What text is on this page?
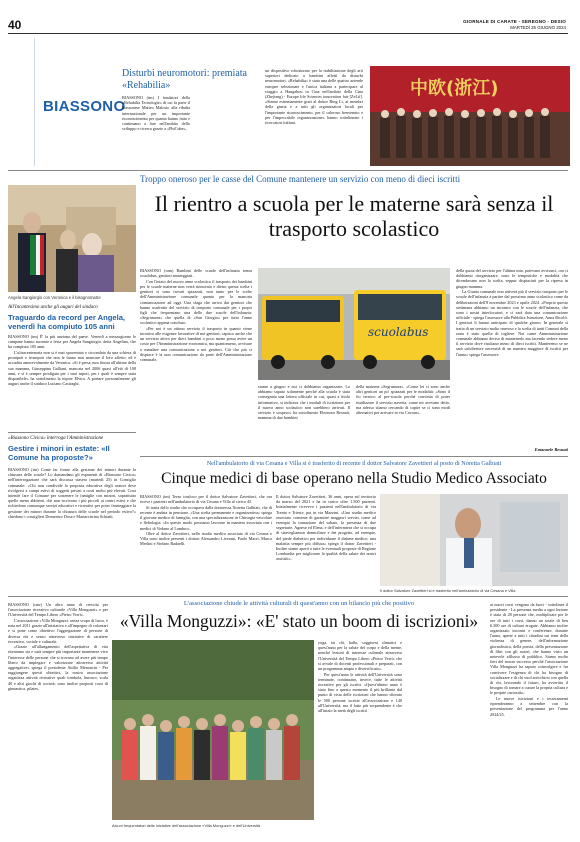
40	GIORNALE DI CARATE - SEREGNO - DESIO
MARTEDÌ 25 GIUGNO 2024
BIASSONO
Disturbi neuromotori: premiata «Rehabilia»

BIASSONO (tm) I fondatori della «Rehabilia Tecnologie» di cui fa parte il biassonese Matteo Malosio alla ribalta internazionale per un importante riconoscimento per quanto hanno fatto e continuano a fare nell'ambito dello sviluppo e ricerca grazie a «PhiCube»,

un dispositivo robotizzato per la riabilitazione degli arti superiori dedicato a bambini affetti da disturbi neuromotori. «Rehabilia» è stata una delle quattro aziende europee selezionate e l'unica italiana a partecipare al viaggio a Hangzhou in Cina nell'ambito della Cina (Zhejiang) - Europe life Sciences innovation fair [ZeLif]. «Siamo estremamente grati al dottor Bing Li, ai membri della giuria e a tutti gli organizzatori locali per l'importante riconoscimento, per il caloroso benvenuto e per l'impeccabile organizzazione» hanno sottolineato i ricercatori italiani.

中欧(浙江)
Troppo oneroso per le casse del Comune mantenere un servizio con meno di dieci iscritti
Il rientro a scuola per le materne sarà senza il trasporto scolastico
Angela Sangiorgio con Veronica e il bisognomatre
All'Incantesimo anche gli auguri del sindaco
Traguardo da record per Angela, venerdì ha compiuto 105 anni

BIASSONO (tm) È' la più anziana del paese. Venerdì a mezzogiorno le campane hanno suonato a festa per Angela Sangiorgio, detta Angelina, che ha compiuto 105 anni.

L'ultracentenaria non si è mai spaventata e circondata da una schiera di pronipoti e trisnipoti che non le fanno mai mancare il loro affetto, ed è accudita amorevolmente da Veronica. «Si è presa cura finora all'ultimo della sua mamma, Giuseppina Galliani, mancata nel 2006 quasi all'età di 108 anni, e si è sempre prodigata per i suoi nipoti, per i quali è sempre stata disponibile» ha sottolineato la nipote Elvira. A portare personalmente gli auguri anche il sindaco Luciano Casiraghi.

«Biassono Civica» interroga l'Amministrazione
Gestire i minori in estate: «Il Comune ha proposte?»

BIASSONO (tm) Come far fronte alla gestione dei minori durante la chiusura delle scuole? Lo domandano gli esponenti di «Biassono Civica» nell'interrogazione che sarà discussa stasera (martedì 25) in Consiglio comunale: «Chi non condivide la proposta educativa degli oratori deve rivolgersi a campi estivi di soggetti privati a costi molto più elevati. Cosa intende fare il Comune per sostenere le famiglie con minori, soprattutto quelle meno abbienti, che non iscrivono i più piccoli ai centri estivi e che richiedono comunque servizi educativi e ricreativi per poter fronteggiare la gestione dei minori durante la chiusura delle scuole nel periodo estivo?» chiedono i consiglieri Domenico Dosa e Mariacristina Schiatti.

BIASSONO (ram) Bambini delle scuole dell'infanzia senza scuolabus, genitori amareggiati.

Con l'inizio del nuovo anno scolastico il trasporto dei bambini per le scuole materne non verrà rinnovato e dietro questa scelta i genitori si sono trovati spiazzati, non tanto per le scelte dell'Amministrazione comunale quanto per la mancata comunicazione ad oggi. Una sfaga che arriva dai genitori che hanno usufruito del servizio di trasporto comunale per i propri figli che frequentano una delle due scuole dell'infanzia: «Segramora» che quella di «San Giorgio» per tutto l'anno scolastico appena concluso.

«Per noi è un ottimo servizio il trasporto in quanto viene incontro alle esigenze lavorative di noi genitori, capisco anche che un servizio attivo per dieci bambini o poco meno possa avere un costo per l'Amministrazione economica, ma quantomeno, avvisare o mandare una comunicazione a noi genitori. Ciò che più ci dispiace è la non comunicazione da parte dell'Amministrazione comunale,

scuolabus

siamo a giugno e noi ci dobbiamo organizzare. Lo abbiamo saputo solamente perché alla scuola è stata consegnata una lettera ufficiale in cui, quasi a titolo informativo, si indicava che i moduli di iscrizione per il nuovo anno scolastico non sarebbero arrivati. Il servizio è sospeso» ha sottolineato Eleonora Resnati, mamma di due bambini

della materna «Segramora». «Come lei ci sono anche altri genitori un po' spiazzati per le modalità: «Sono il fio tecnico al pre-scuola perché convinta di poter riutilizzare il servizio navetta, come mi avevano detto, ma adesso stiamo cercando di capire se ci sono modi alternativi per arrivare in via Cavour».

della quota del servizio per l'ultima mia, potevano avvisarci, ora ci dobbiamo riorganizzare, sono le tempistiche e modalità che dicendavano non la scelta, seppur dispiaciuti per la ripresa in giugno mamma.

La Giunta comunale non attiverà più il servizio trasporto per le scuole dell'infanzia a partire dal prossimo anno scolastico come da deliberazioni dell'8 novembre 2023 e aprile 2024. «Proprio questo settimana abbiamo un incontro con le scuole dell'infanzia, che sono i nostri interlocutori, e ci sarà data una comunicazione ufficiale - spiega l'assessore alla Pubblica Istruzione, Anna Ricolfi. I genitori li hanno anticipato di qualche giorno. In generale si tratta di un servizio molto oneroso e la scelta di tanti Comuni della zona è stato quella di togliere. Noi come Amministrazione comunale abbiamo deciso di mantenerlo ma facendo vedere meno il servizio dove risultano meno di dieci iscritti. Manteremo se ne sarà un'ulteriore necessità di un numero maggiore di iscritti per l'anno» spiega l'assessore.

Emanuele Resnati
Nell'ambulatorio di via Cesana e Villa si è trasferito di recente il dottor Salvatore Zavettieri al posto di Noretta Galbiati
Cinque medici di base operano nella Studio Medico Associato

BIASSONO (tm) Terzo trasloco per il dottor Salvatore Zavettieri, che ora riceve i pazienti nell'ambulatorio di via Cesana e Villa al civico 45.

Si tratta dello studio che occupava dalla dottoressa Noretta Galbiati, che di recente è andata in pensione. «Una scelta permanente e organizzativa» spiega il giovane medico di famiglia, con una specializzazione in Chirurgia vascolare e flebologia. «In questo modo possiamo lavorare in maniera associata con i medici di Vedano al Lambro».

Oltre al dottor Zavettieri, nello studio medico associato di via Cesana e Villa sono inoltre presenti i dottori Alessandro Liverani, Paolo Macrì, Marco Merlini e Stefano Radaelli.

Il dottor Salvatore Zavettieri, 36 anni, opera sul territorio da marzo del 2021 e ha in carico oltre 1.500 pazienti. Inizialmente riceveva i pazienti nell'ambulatorio di via Trento e Trieste, poi in via Mazzini. «Uno studio medico associato consente di garantire maggiori servizi, come ad esempio la turnazione del sabato, la presenza di due segretarie, Agnese ed Elena, e dell'infermiera che si occupa di stravegliamon domiciliare e dei progetto, ad esempio, del piede diabetico per individuare il diabete medico, una malattia sempre più diffusa» spiega il dottor Zavettieri - Inoltre siamo aperti a tutte le eventuali proposte di Regione Lombardia per migliorare la qualità della salute dei nostri assistiti».

Il dottor Salvatore Zavettieri si è trasferito nell'ambulatorio di via Cesana e Villa

BIASSONO (cmr) Un altro anno di crescita per l'associazione ricreativo culturale «Villa Monguzzi» e per l'Università del Tempo Libero «Pietro Verri».

L'associazione «Villa Monguzzi, senza scopo di lucro, è nata nel 2011 grazie all'iniziativa e all'impegno di volontari e si pone come obiettivo l'aggregazione di persone di diversa età e senso attraverso iniziative di carattere ricreativo, sociale e culturale.

«Grazie all'allungamento dell'aspettativa di vita riteniamo sia e sarà sempre più importante mantenere vivo l'interesse delle persone che si trovano ad avere più tempo libero da impiegare e valorizzare attraverso attività aggregative» spiega il presidente Attilio Menoncin - Per raggiungere questi obiettivi, la nostra associazione organizza attività ricreative quali tombola, burraco, scala 40 e altri giochi di società; sono inoltre proposti corsi di ginnastica, pilates,

L'associazione chiude le attività culturali di quest'anno con un bilancio più che positivo
«Villa Monguzzi»: «E' stato un boom di iscrizioni»
Alcuni frequentatori delle iniziative dell'associazione «Villa Monguzzi» e dell'Università

yoga, tai chi, ballo, soggiorni climatici e quest'anno per la salute del corpo e della mente, nonché lezioni di interesse culturale attraverso l'Università del Tempo Libero «Pietro Verri» che si avvale di docenti professionali e preparati, con un programma ampio e diversificato».

Per quest'anno le attività dell'Università sono terminate, continuano, invece, tutte le attività ricreative per gli iscritti. «Quest'ultimo anno è stato fino a questo momento il più brillante dal punto di vista delle iscrizioni che hanno sfiorato le 500 persone iscritte all'associazione e 140 all'Università, ma il fatto più sorprendente è che all'inizio la metà degli iscritti

ai nuovi corsi vengono da fuori - sottolinea il presidente - La presenza media a ogni lezione è stata di 28 persone che, moltiplicate per le ore di tutti i corsi, danno un totale di ben 6.300 ore di cultura erogate. Abbiamo inoltre organizzato incontri e conferenze, durante l'anno, aperte a tutti i cittadini sui temi della violenza di genere, dell'informazione giornalistica, della poesia, della presentazione di libri con gli autori, che hanno visto un notevole afflusso di pubblico. Siamo molto fieri del nostro successo perché l'associazione Villa Monguzzi ha saputo coinvolgere e far convivere l'esigenza di chi ha bisogno di socializzare e di chi vuol arricchirsi con quella di chi, lavorando il futuro, ha avvertito il bisogno di tornare a curare la propria cultura e le proprie curiosità».

Le nuove iscrizioni e i tesseramenti riprenderanno a settembre con la presentazione del programma per l'anno 2024/25.
